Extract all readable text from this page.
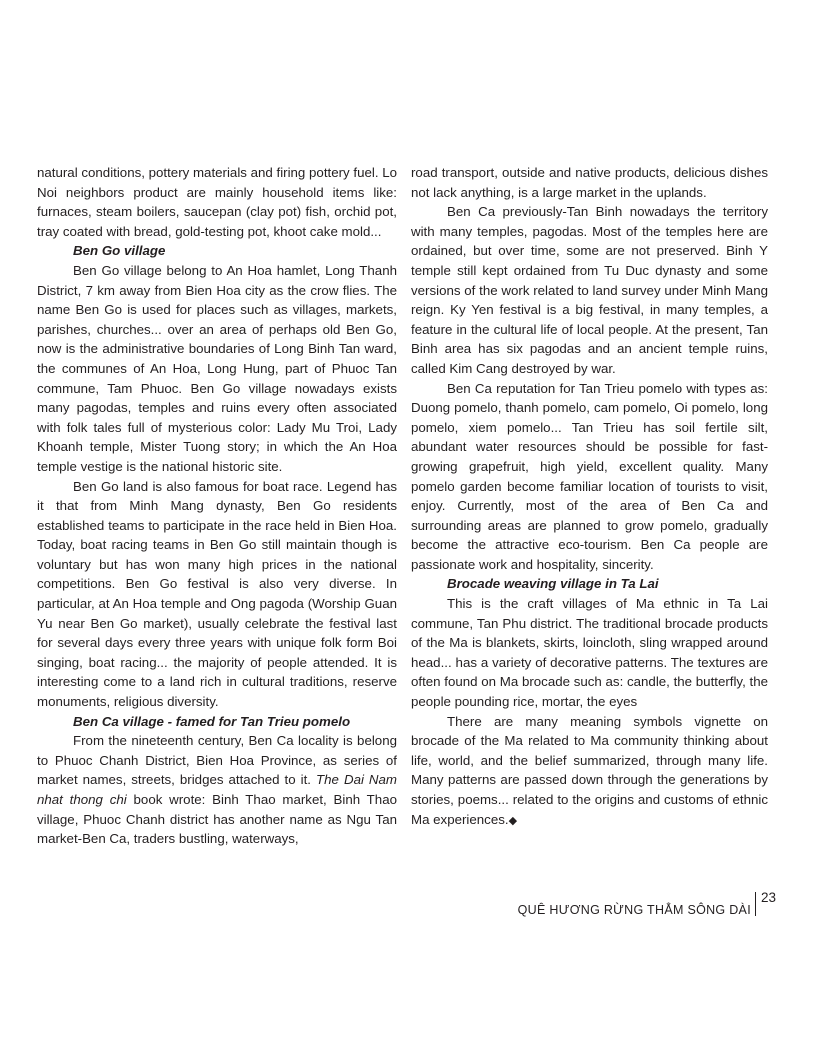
natural conditions, pottery materials and firing pottery fuel. Lo Noi neighbors product are mainly household items like: furnaces, steam boilers, saucepan (clay pot) fish, orchid pot, tray coated with bread, gold-testing pot, khoot cake mold...

Ben Go village

Ben Go village belong to An Hoa hamlet, Long Thanh District, 7 km away from Bien Hoa city as the crow flies. The name Ben Go is used for places such as villages, markets, parishes, churches... over an area of perhaps old Ben Go, now is the administrative boundaries of Long Binh Tan ward, the communes of An Hoa, Long Hung, part of Phuoc Tan commune, Tam Phuoc. Ben Go village nowadays exists many pagodas, temples and ruins every often associated with folk tales full of mysterious color: Lady Mu Troi, Lady Khoanh temple, Mister Tuong story; in which the An Hoa temple vestige is the national historic site.

Ben Go land is also famous for boat race. Legend has it that from Minh Mang dynasty, Ben Go residents established teams to participate in the race held in Bien Hoa. Today, boat racing teams in Ben Go still maintain though is voluntary but has won many high prices in the national competitions. Ben Go festival is also very diverse. In particular, at An Hoa temple and Ong pagoda (Worship Guan Yu near Ben Go market), usually celebrate the festival last for several days every three years with unique folk form Boi singing, boat racing... the majority of people attended. It is interesting come to a land rich in cultural traditions, reserve monuments, religious diversity.

Ben Ca village - famed for Tan Trieu pomelo

From the nineteenth century, Ben Ca locality is belong to Phuoc Chanh District, Bien Hoa Province, as series of market names, streets, bridges attached to it. The Dai Nam nhat thong chi book wrote: Binh Thao market, Binh Thao village, Phuoc Chanh district has another name as Ngu Tan market-Ben Ca, traders bustling, waterways,

road transport, outside and native products, delicious dishes not lack anything, is a large market in the uplands.

Ben Ca previously-Tan Binh nowadays the territory with many temples, pagodas. Most of the temples here are ordained, but over time, some are not preserved. Binh Y temple still kept ordained from Tu Duc dynasty and some versions of the work related to land survey under Minh Mang reign. Ky Yen festival is a big festival, in many temples, a feature in the cultural life of local people. At the present, Tan Binh area has six pagodas and an ancient temple ruins, called Kim Cang destroyed by war.

Ben Ca reputation for Tan Trieu pomelo with types as: Duong pomelo, thanh pomelo, cam pomelo, Oi pomelo, long pomelo, xiem pomelo... Tan Trieu has soil fertile silt, abundant water resources should be possible for fast-growing grapefruit, high yield, excellent quality. Many pomelo garden become familiar location of tourists to visit, enjoy. Currently, most of the area of Ben Ca and surrounding areas are planned to grow pomelo, gradually become the attractive eco-tourism. Ben Ca people are passionate work and hospitality, sincerity.

Brocade weaving village in Ta Lai

This is the craft villages of Ma ethnic in Ta Lai commune, Tan Phu district. The traditional brocade products of the Ma is blankets, skirts, loincloth, sling wrapped around head... has a variety of decorative patterns. The textures are often found on Ma brocade such as: candle, the butterfly, the people pounding rice, mortar, the eyes

There are many meaning symbols vignette on brocade of the Ma related to Ma community thinking about life, world, and the belief summarized, through many life. Many patterns are passed down through the generations by stories, poems... related to the origins and customs of ethnic Ma experiences.◆

QUÊ HƯƠNG RỪNG THẲM SÔNG DÀI
23
